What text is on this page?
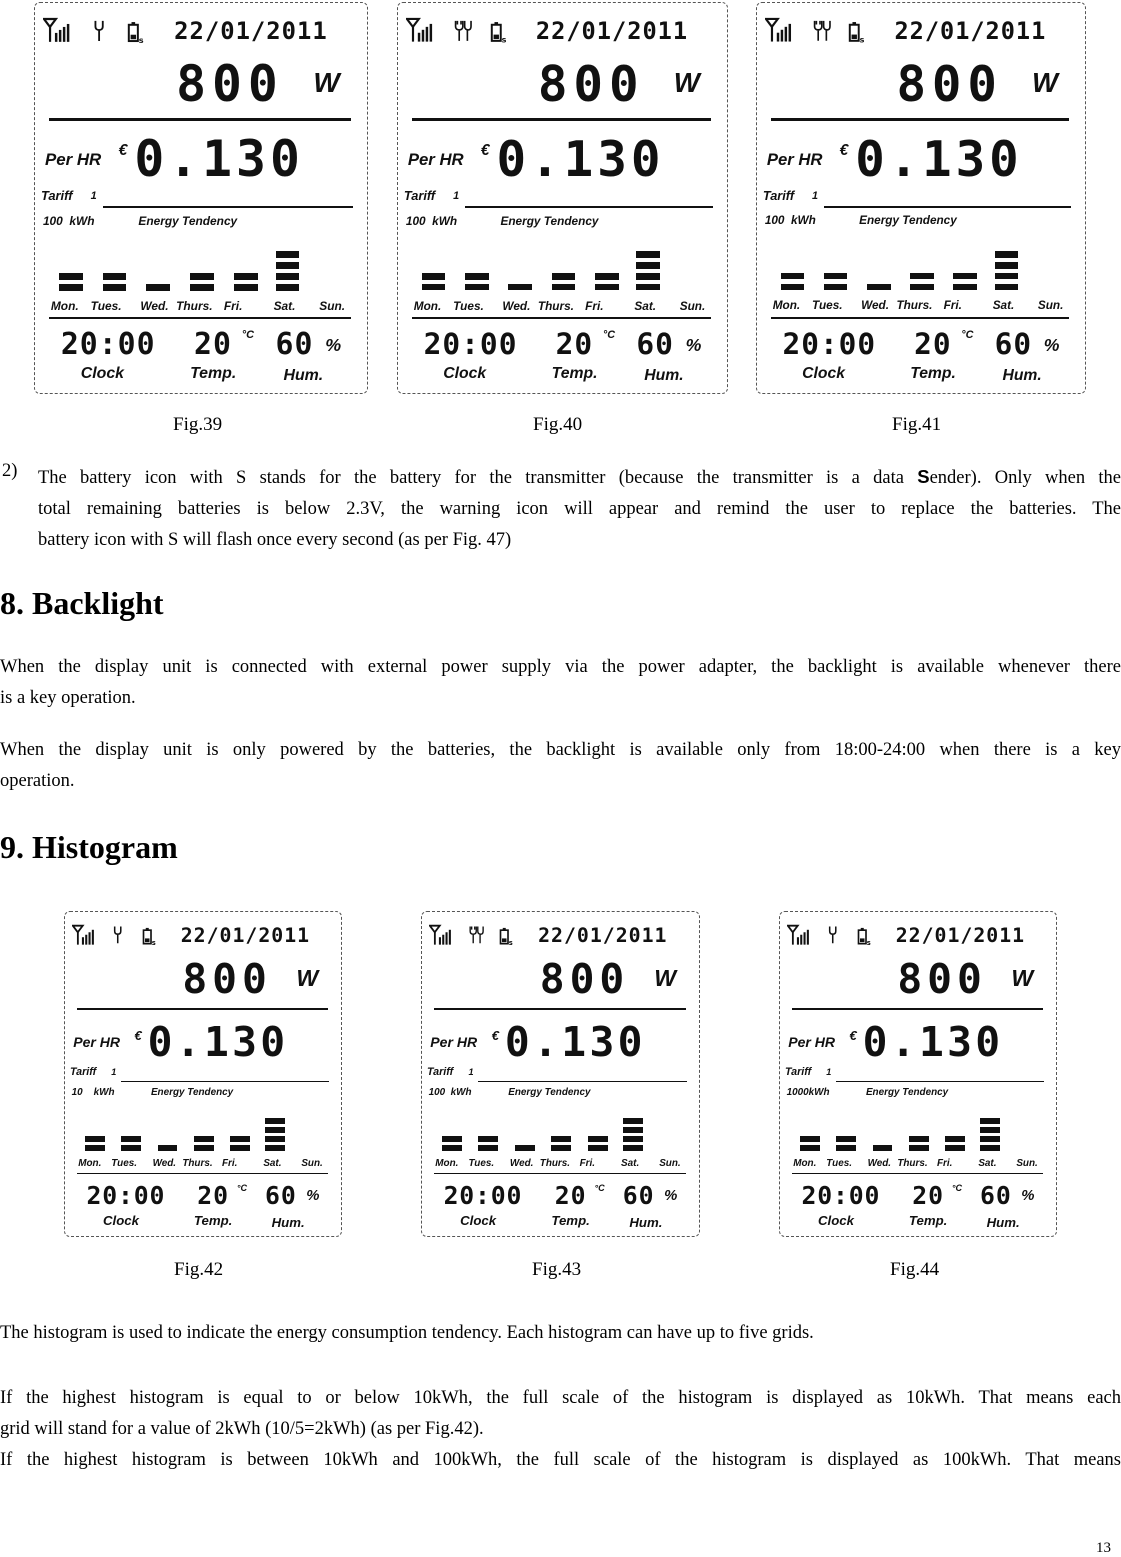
s 22/01/2011
800 W
Per HR € 0.130
Tariff 1
100  kWh	Energy Tendency
Mon. Tues. Wed. Thurs. Fri.	Sat. Sun.
20:00
Clock
20 °C
Temp.
60 %
Hum.
s 22/01/2011
800 W
Per HR € 0.130
Tariff 1
100  kWh	Energy Tendency
Mon. Tues. Wed. Thurs. Fri.	Sat. Sun.
20:00
Clock
20 °C
Temp.
60 %
Hum.
s 22/01/2011
800 W
Per HR € 0.130
Tariff 1
100  kWh	Energy Tendency
Mon. Tues. Wed. Thurs. Fri.	Sat. Sun.
20:00
Clock
20 °C
Temp.
60 %
Hum.
Fig.39	Fig.40	Fig.41
2) The battery icon with S stands for the battery for the transmitter (because the transmitter is a data Sender). Only when the
total remaining batteries is below 2.3V, the warning icon will appear and remind the user to replace the batteries. The
battery icon with S will flash once every second (as per Fig. 47)
8. Backlight
When the display unit is connected with external power supply via the power adapter, the backlight is available whenever there
is a key operation.
When the display unit is only powered by the batteries, the backlight is available only from 18:00-24:00 when there is a key
operation.
9. Histogram
s 22/01/2011
800 W
Per HR € 0.130
Tariff 1
10    kWh	Energy Tendency
Mon. Tues. Wed. Thurs. Fri.	Sat. Sun.
20:00
Clock
20 °C
Temp.
60 %
Hum.
s 22/01/2011
800 W
Per HR € 0.130
Tariff 1
100  kWh	Energy Tendency
Mon. Tues. Wed. Thurs. Fri.	Sat. Sun.
20:00
Clock
20 °C
Temp.
60 %
Hum.
s 22/01/2011
800 W
Per HR € 0.130
Tariff 1
1000kWh	Energy Tendency
Mon. Tues. Wed. Thurs. Fri.	Sat. Sun.
20:00
Clock
20 °C
Temp.
60 %
Hum.
Fig.42	Fig.43	Fig.44
The histogram is used to indicate the energy consumption tendency. Each histogram can have up to five grids.
If the highest histogram is equal to or below 10kWh, the full scale of the histogram is displayed as 10kWh. That means each
grid will stand for a value of 2kWh (10/5=2kWh) (as per Fig.42).
If the highest histogram is between 10kWh and 100kWh, the full scale of the histogram is displayed as 100kWh. That means
13
